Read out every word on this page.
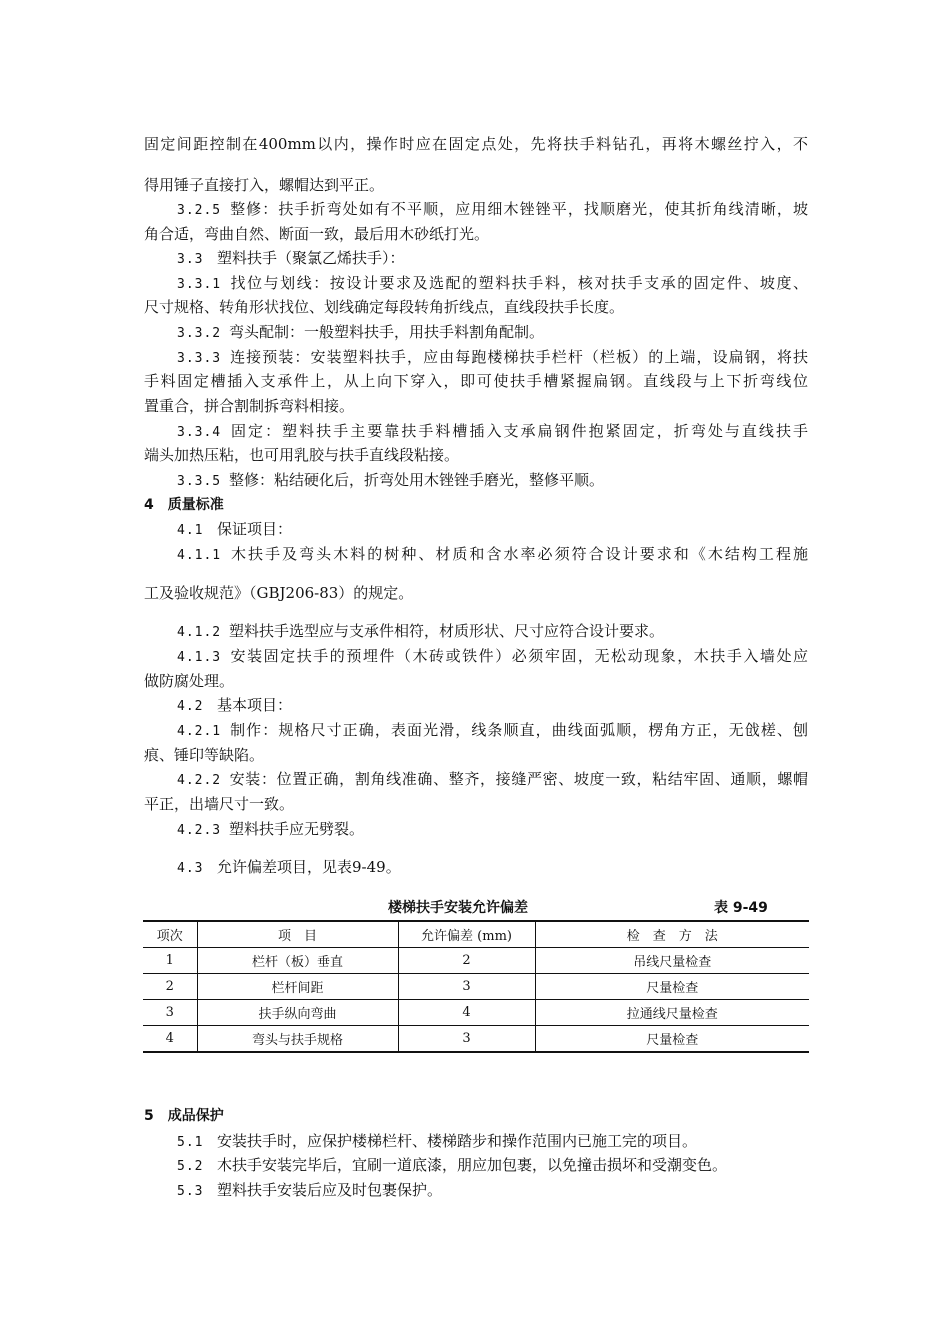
固定间距控制在400mm以内，操作时应在固定点处，先将扶手料钻孔，再将木螺丝拧入，不
得用锤子直接打入，螺帽达到平正。
3.2.5 整修：扶手折弯处如有不平顺，应用细木锉锉平，找顺磨光，使其折角线清晰，坡
角合适，弯曲自然、断面一致，最后用木砂纸打光。
3.3 塑料扶手（聚氯乙烯扶手）：
3.3.1 找位与划线：按设计要求及选配的塑料扶手料，核对扶手支承的固定件、坡度、
尺寸规格、转角形状找位、划线确定每段转角折线点，直线段扶手长度。
3.3.2 弯头配制：一般塑料扶手，用扶手料割角配制。
3.3.3 连接预装：安装塑料扶手，应由每跑楼梯扶手栏杆（栏板）的上端，设扁钢，将扶
手料固定槽插入支承件上，从上向下穿入，即可使扶手槽紧握扁钢。直线段与上下折弯线位
置重合，拼合割制拆弯料相接。
3.3.4 固定：塑料扶手主要靠扶手料槽插入支承扁钢件抱紧固定，折弯处与直线扶手
端头加热压粘，也可用乳胶与扶手直线段粘接。
3.3.5 整修：粘结硬化后，折弯处用木锉锉手磨光，整修平顺。
4　质量标准
4.1 保证项目：
4.1.1 木扶手及弯头木料的树种、材质和含水率必须符合设计要求和《木结构工程施
工及验收规范》（GBJ206-83）的规定。
4.1.2 塑料扶手选型应与支承件相符，材质形状、尺寸应符合设计要求。
4.1.3 安装固定扶手的预埋件（木砖或铁件）必须牢固，无松动现象，木扶手入墙处应
做防腐处理。
4.2 基本项目：
4.2.1 制作：规格尺寸正确，表面光滑，线条顺直，曲线面弧顺，楞角方正，无戗槎、刨
痕、锤印等缺陷。
4.2.2 安装：位置正确，割角线准确、整齐，接缝严密、坡度一致，粘结牢固、通顺，螺帽
平正，出墙尺寸一致。
4.2.3 塑料扶手应无劈裂。
4.3 允许偏差项目，见表9-49。
楼梯扶手安装允许偏差	表 9-49
项次	项　目	允许偏差 (mm)	检　查　方　法
1	栏杆（板）垂直	2	吊线尺量检查
2	栏杆间距	3	尺量检查
3	扶手纵向弯曲	4	拉通线尺量检查
4	弯头与扶手规格	3	尺量检查
5　成品保护
5.1 安装扶手时，应保护楼梯栏杆、楼梯踏步和操作范围内已施工完的项目。
5.2 木扶手安装完毕后，宜刷一道底漆，朋应加包裹，以免撞击损坏和受潮变色。
5.3 塑料扶手安装后应及时包裹保护。
